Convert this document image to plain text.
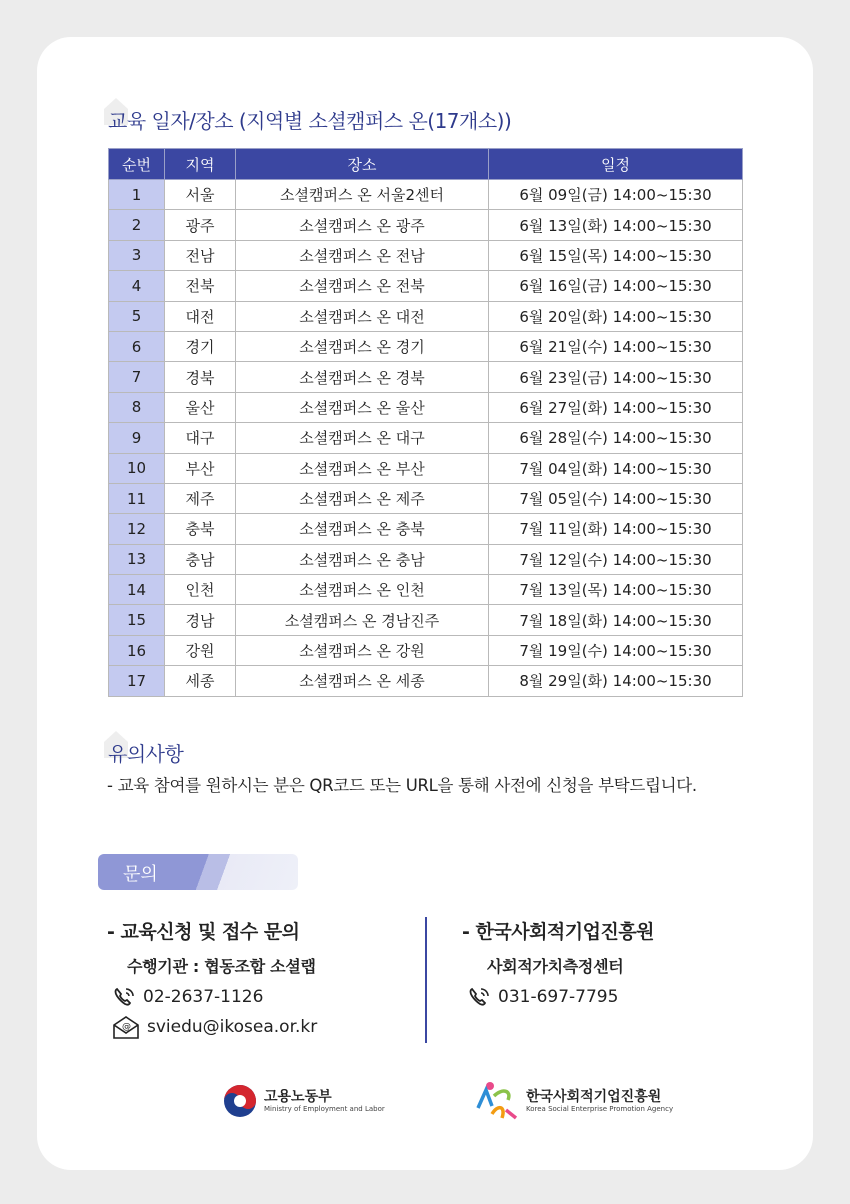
교육 일자/장소 (지역별 소셜캠퍼스 온(17개소))
순번	지역	장소	일정
1	서울	소셜캠퍼스 온 서울2센터	6월 09일(금) 14:00~15:30
2	광주	소셜캠퍼스 온 광주	6월 13일(화) 14:00~15:30
3	전남	소셜캠퍼스 온 전남	6월 15일(목) 14:00~15:30
4	전북	소셜캠퍼스 온 전북	6월 16일(금) 14:00~15:30
5	대전	소셜캠퍼스 온 대전	6월 20일(화) 14:00~15:30
6	경기	소셜캠퍼스 온 경기	6월 21일(수) 14:00~15:30
7	경북	소셜캠퍼스 온 경북	6월 23일(금) 14:00~15:30
8	울산	소셜캠퍼스 온 울산	6월 27일(화) 14:00~15:30
9	대구	소셜캠퍼스 온 대구	6월 28일(수) 14:00~15:30
10	부산	소셜캠퍼스 온 부산	7월 04일(화) 14:00~15:30
11	제주	소셜캠퍼스 온 제주	7월 05일(수) 14:00~15:30
12	충북	소셜캠퍼스 온 충북	7월 11일(화) 14:00~15:30
13	충남	소셜캠퍼스 온 충남	7월 12일(수) 14:00~15:30
14	인천	소셜캠퍼스 온 인천	7월 13일(목) 14:00~15:30
15	경남	소셜캠퍼스 온 경남진주	7월 18일(화) 14:00~15:30
16	강원	소셜캠퍼스 온 강원	7월 19일(수) 14:00~15:30
17	세종	소셜캠퍼스 온 세종	8월 29일(화) 14:00~15:30
유의사항
- 교육 참여를 원하시는 분은 QR코드 또는 URL을 통해 사전에 신청을 부탁드립니다.
문의
- 교육신청 및 접수 문의
수행기관 : 협동조합 소셜랩
02-2637-1126
@ sviedu@ikosea.or.kr
- 한국사회적기업진흥원
사회적가치측정센터
031-697-7795
고용노동부
Ministry of Employment and Labor
한국사회적기업진흥원
Korea Social Enterprise Promotion Agency
